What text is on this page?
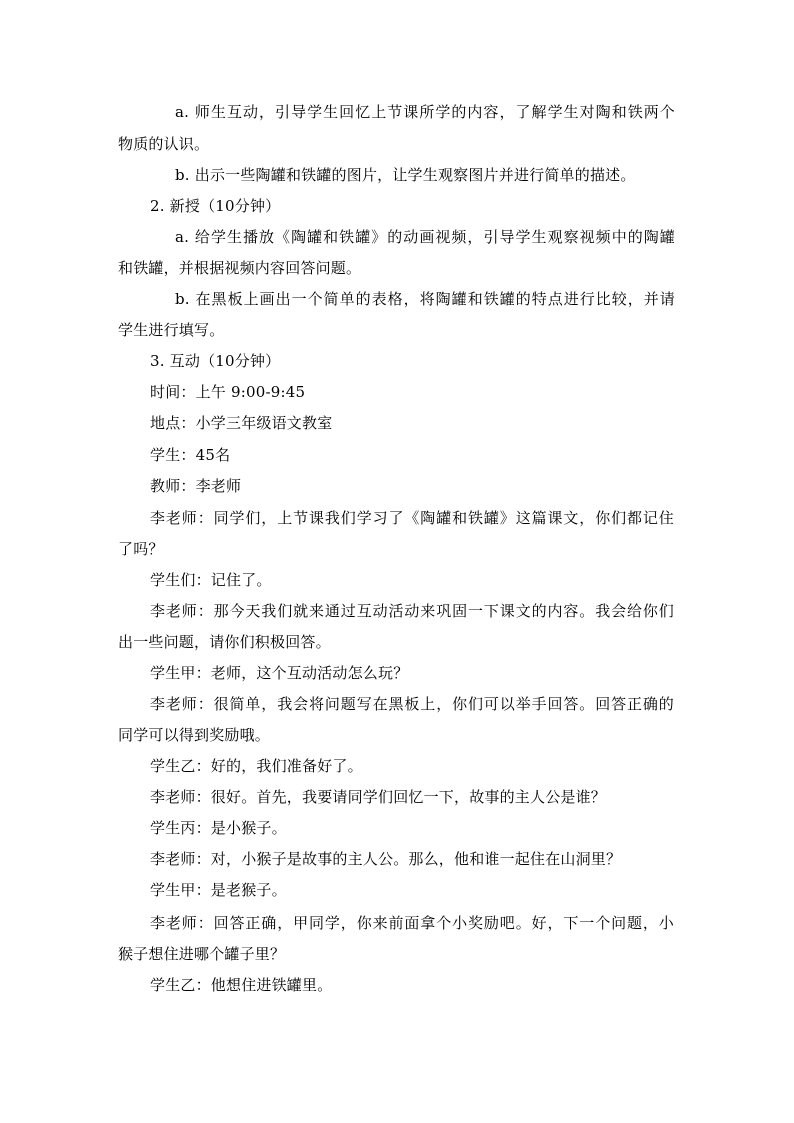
a. 师生互动，引导学生回忆上节课所学的内容，了解学生对陶和铁两个
物质的认识。
b. 出示一些陶罐和铁罐的图片，让学生观察图片并进行简单的描述。
2. 新授（10分钟）
a. 给学生播放《陶罐和铁罐》的动画视频，引导学生观察视频中的陶罐
和铁罐，并根据视频内容回答问题。
b. 在黑板上画出一个简单的表格，将陶罐和铁罐的特点进行比较，并请
学生进行填写。
3. 互动（10分钟）
时间：上午 9:00-9:45
地点：小学三年级语文教室
学生：45名
教师：李老师
李老师：同学们，上节课我们学习了《陶罐和铁罐》这篇课文，你们都记住
了吗？
学生们：记住了。
李老师：那今天我们就来通过互动活动来巩固一下课文的内容。我会给你们
出一些问题，请你们积极回答。
学生甲：老师，这个互动活动怎么玩？
李老师：很简单，我会将问题写在黑板上，你们可以举手回答。回答正确的
同学可以得到奖励哦。
学生乙：好的，我们准备好了。
李老师：很好。首先，我要请同学们回忆一下，故事的主人公是谁？
学生丙：是小猴子。
李老师：对，小猴子是故事的主人公。那么，他和谁一起住在山洞里？
学生甲：是老猴子。
李老师：回答正确，甲同学，你来前面拿个小奖励吧。好，下一个问题，小
猴子想住进哪个罐子里？
学生乙：他想住进铁罐里。
